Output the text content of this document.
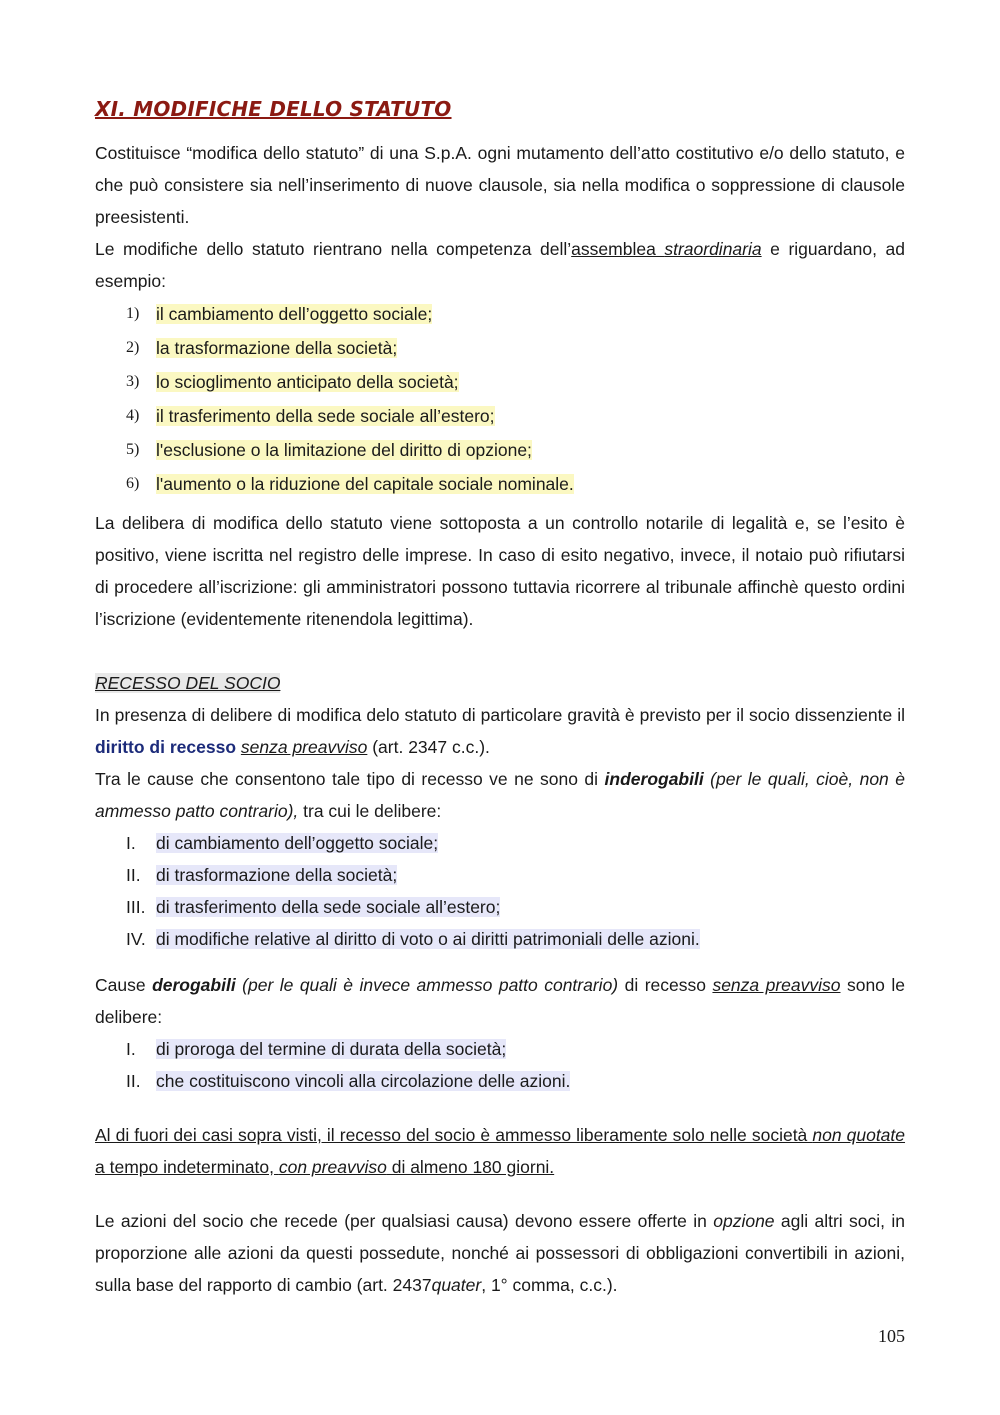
XI. MODIFICHE DELLO STATUTO

Costituisce “modifica dello statuto” di una S.p.A. ogni mutamento dell’atto costitutivo e/o dello statuto, e che può consistere sia nell’inserimento di nuove clausole, sia nella modifica o soppressione di clausole preesistenti.

Le modifiche dello statuto rientrano nella competenza dell’assemblea straordinaria e riguardano, ad esempio:

1) il cambiamento dell’oggetto sociale;
2) la trasformazione della società;
3) lo scioglimento anticipato della società;
4) il trasferimento della sede sociale all’estero;
5) l'esclusione o la limitazione del diritto di opzione;
6) l'aumento o la riduzione del capitale sociale nominale.

La delibera di modifica dello statuto viene sottoposta a un controllo notarile di legalità e, se l’esito è positivo, viene iscritta nel registro delle imprese. In caso di esito negativo, invece, il notaio può rifiutarsi di procedere all’iscrizione: gli amministratori possono tuttavia ricorrere al tribunale affinchè questo ordini l’iscrizione (evidentemente ritenendola legittima).

RECESSO DEL SOCIO

In presenza di delibere di modifica delo statuto di particolare gravità è previsto per il socio dissenziente il diritto di recesso senza preavviso (art. 2347 c.c.).

Tra le cause che consentono tale tipo di recesso ve ne sono di inderogabili (per le quali, cioè, non è ammesso patto contrario), tra cui le delibere:

I. di cambiamento dell’oggetto sociale;
II. di trasformazione della società;
III. di trasferimento della sede sociale all’estero;
IV. di modifiche relative al diritto di voto o ai diritti patrimoniali delle azioni.

Cause derogabili (per le quali è invece ammesso patto contrario) di recesso senza preavviso sono le delibere:

I. di proroga del termine di durata della società;
II. che costituiscono vincoli alla circolazione delle azioni.

Al di fuori dei casi sopra visti, il recesso del socio è ammesso liberamente solo nelle società non quotate a tempo indeterminato, con preavviso di almeno 180 giorni.

Le azioni del socio che recede (per qualsiasi causa) devono essere offerte in opzione agli altri soci, in proporzione alle azioni da questi possedute, nonché ai possessori di obbligazioni convertibili in azioni, sulla base del rapporto di cambio (art. 2437quater, 1° comma, c.c.).

105
